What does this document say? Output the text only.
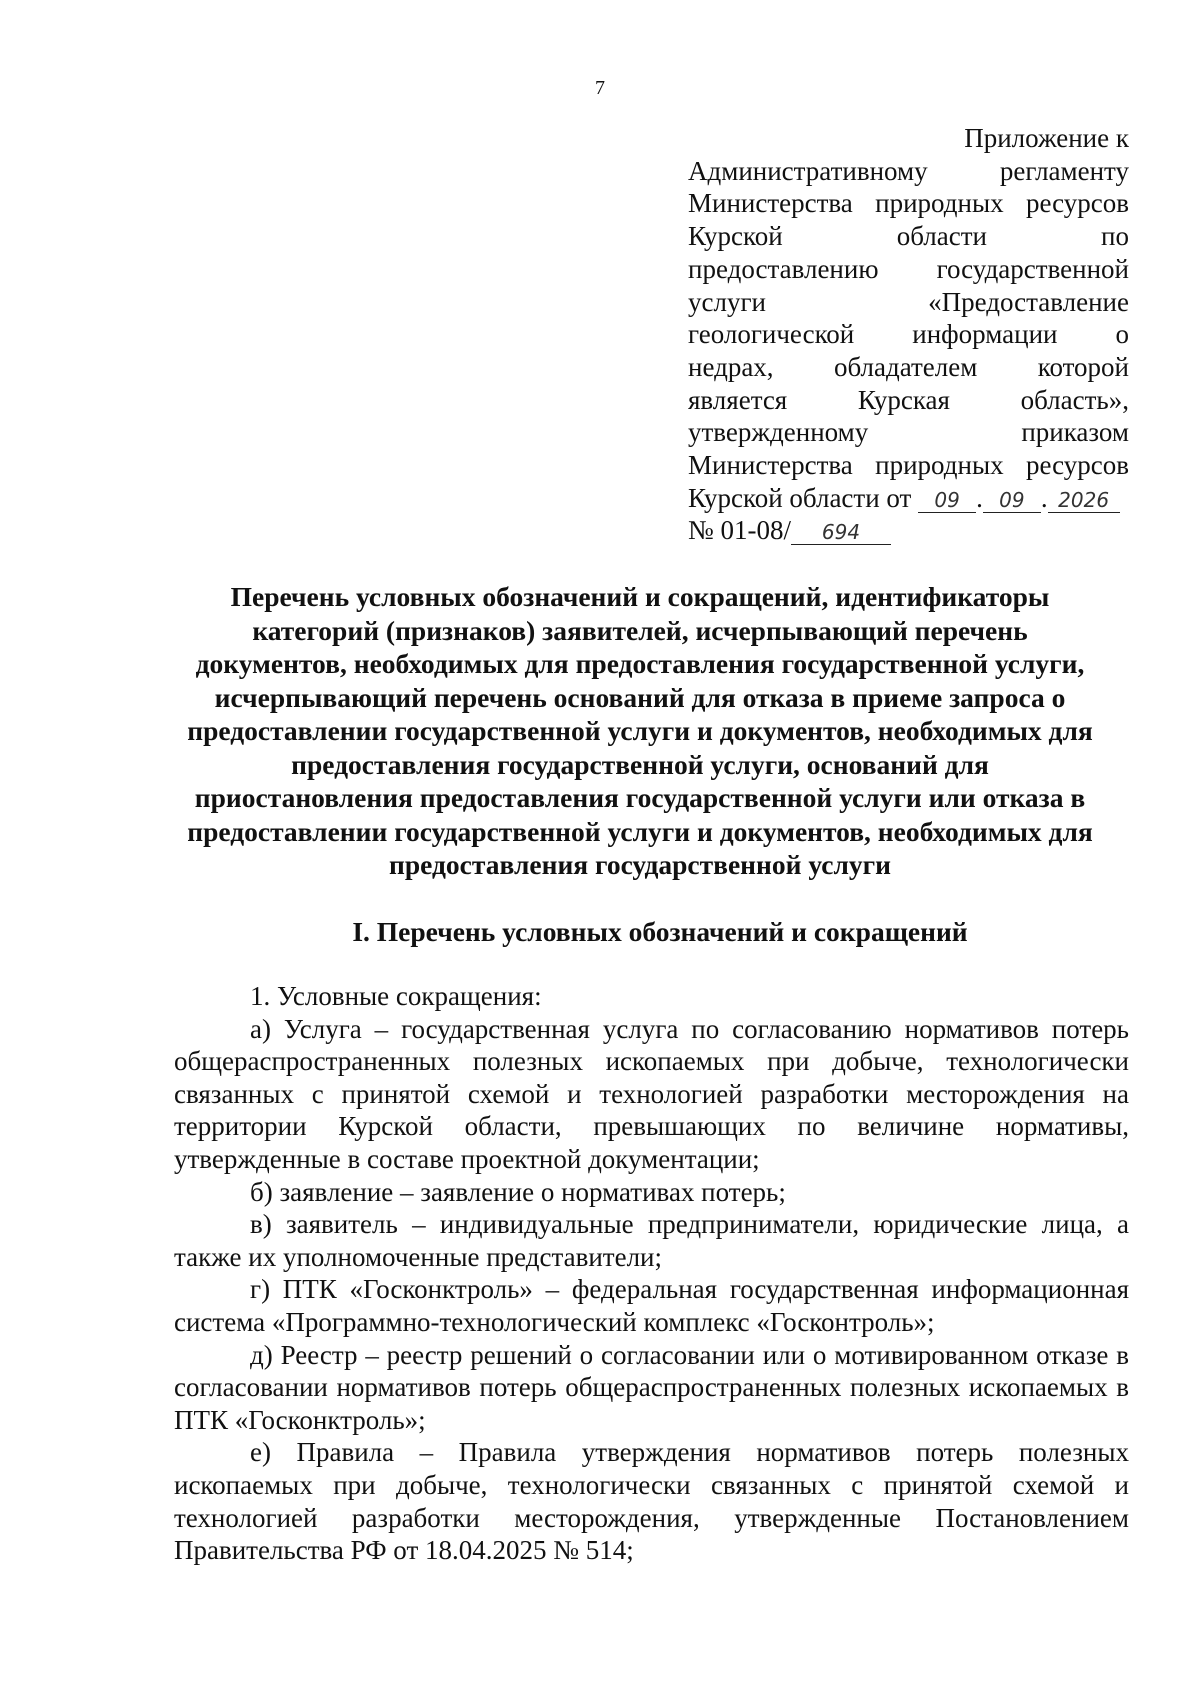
7
Приложение к
Административному регламенту
Министерства природных ресурсов
Курской области по
предоставлению государственной
услуги «Предоставление
геологической информации о
недрах, обладателем которой
является Курская область»,
утвержденному приказом
Министерства природных ресурсов
Курской области от 09 . 09 . 2026
№ 01-08/ 694
Перечень условных обозначений и сокращений, идентификаторы
категорий (признаков) заявителей, исчерпывающий перечень
документов, необходимых для предоставления государственной услуги,
исчерпывающий перечень оснований для отказа в приеме запроса о
предоставлении государственной услуги и документов, необходимых для
предоставления государственной услуги, оснований для
приостановления предоставления государственной услуги или отказа в
предоставлении государственной услуги и документов, необходимых для
предоставления государственной услуги
I. Перечень условных обозначений и сокращений

1. Условные сокращения:

а) Услуга – государственная услуга по согласованию нормативов потерь общераспространенных полезных ископаемых при добыче, технологически связанных с принятой схемой и технологией разработки месторождения на территории Курской области, превышающих по величине нормативы, утвержденные в составе проектной документации;

б) заявление – заявление о нормативах потерь;

в) заявитель – индивидуальные предприниматели, юридические лица, а также их уполномоченные представители;

г) ПТК «Госконктроль» – федеральная государственная информационная система «Программно-технологический комплекс «Госконтроль»;

д) Реестр – реестр решений о согласовании или о мотивированном отказе в согласовании нормативов потерь общераспространенных полезных ископаемых в ПТК «Госконктроль»;

е) Правила – Правила утверждения нормативов потерь полезных ископаемых при добыче, технологически связанных с принятой схемой и технологией разработки месторождения, утвержденные Постановлением Правительства РФ от 18.04.2025 № 514;
